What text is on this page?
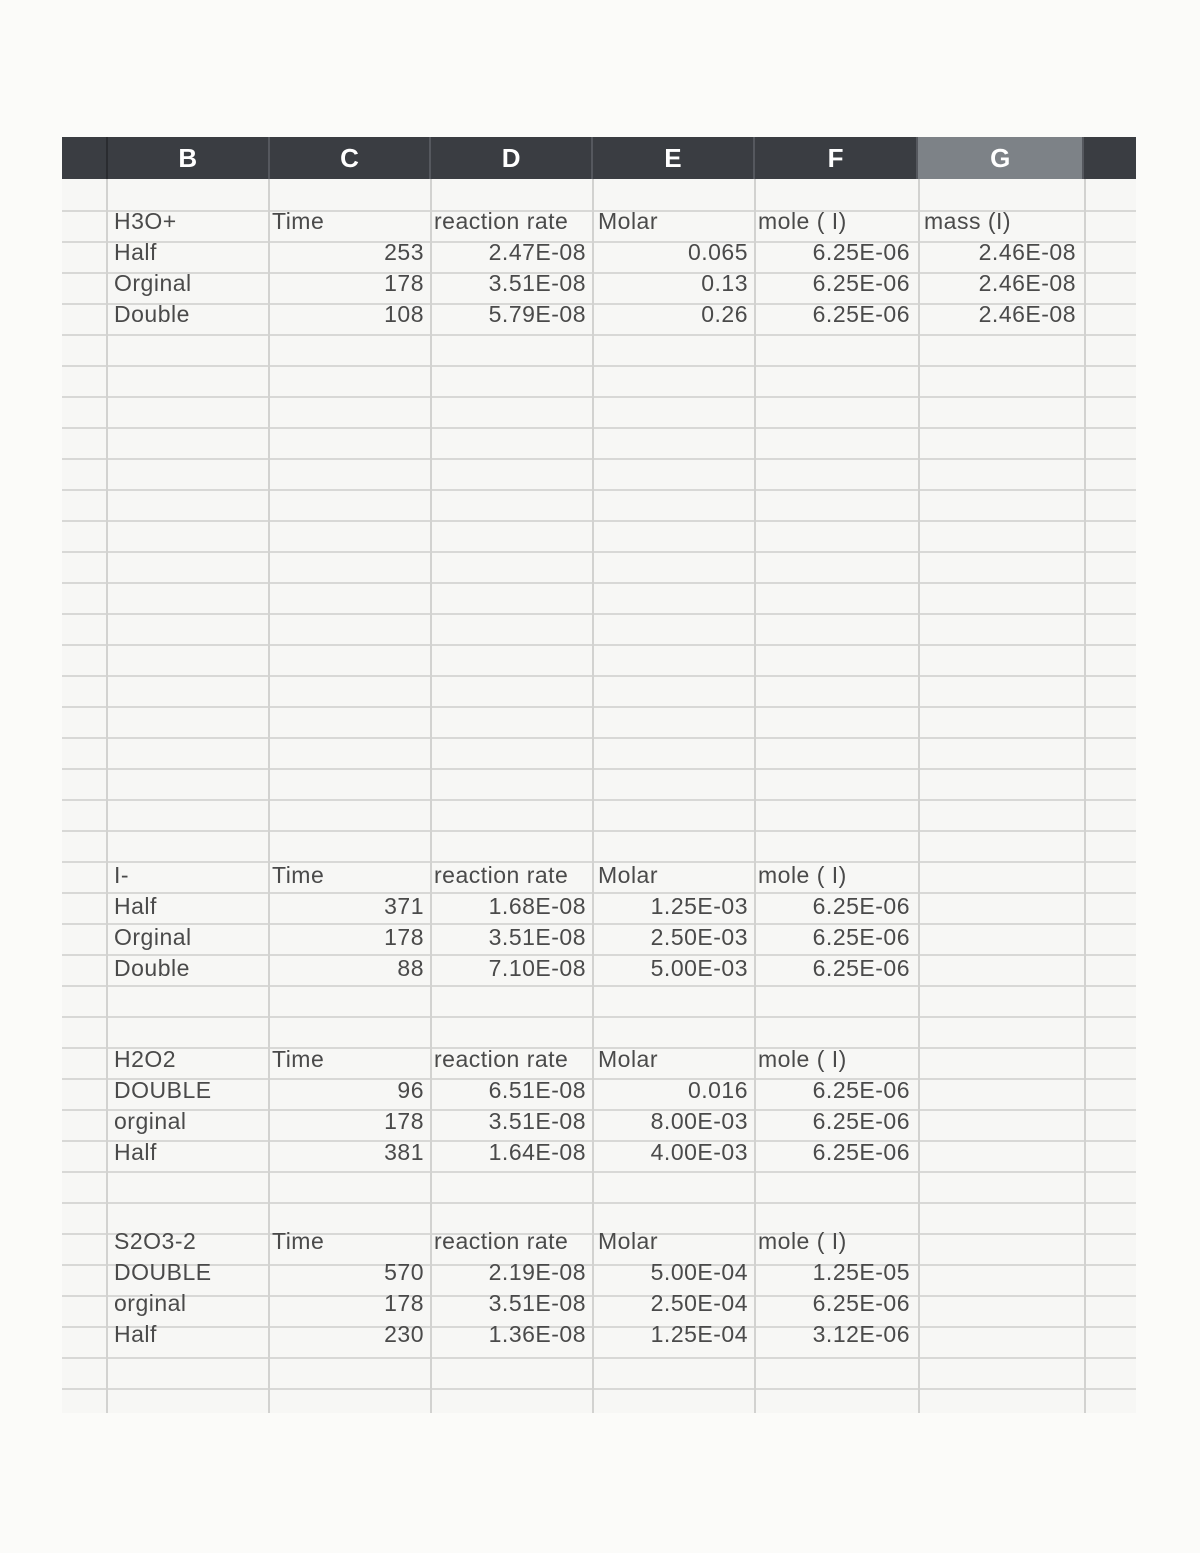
B	C	D	E	F	G
H3O+	Time	reaction rate	Molar	mole ( I)	mass (I)
Half	253	2.47E-08	0.065	6.25E-06	2.46E-08
Orginal	178	3.51E-08	0.13	6.25E-06	2.46E-08
Double	108	5.79E-08	0.26	6.25E-06	2.46E-08
I-	Time	reaction rate	Molar	mole ( I)
Half	371	1.68E-08	1.25E-03	6.25E-06
Orginal	178	3.51E-08	2.50E-03	6.25E-06
Double	88	7.10E-08	5.00E-03	6.25E-06
H2O2	Time	reaction rate	Molar	mole ( I)
DOUBLE	96	6.51E-08	0.016	6.25E-06
orginal	178	3.51E-08	8.00E-03	6.25E-06
Half	381	1.64E-08	4.00E-03	6.25E-06
S2O3-2	Time	reaction rate	Molar	mole ( I)
DOUBLE	570	2.19E-08	5.00E-04	1.25E-05
orginal	178	3.51E-08	2.50E-04	6.25E-06
Half	230	1.36E-08	1.25E-04	3.12E-06
